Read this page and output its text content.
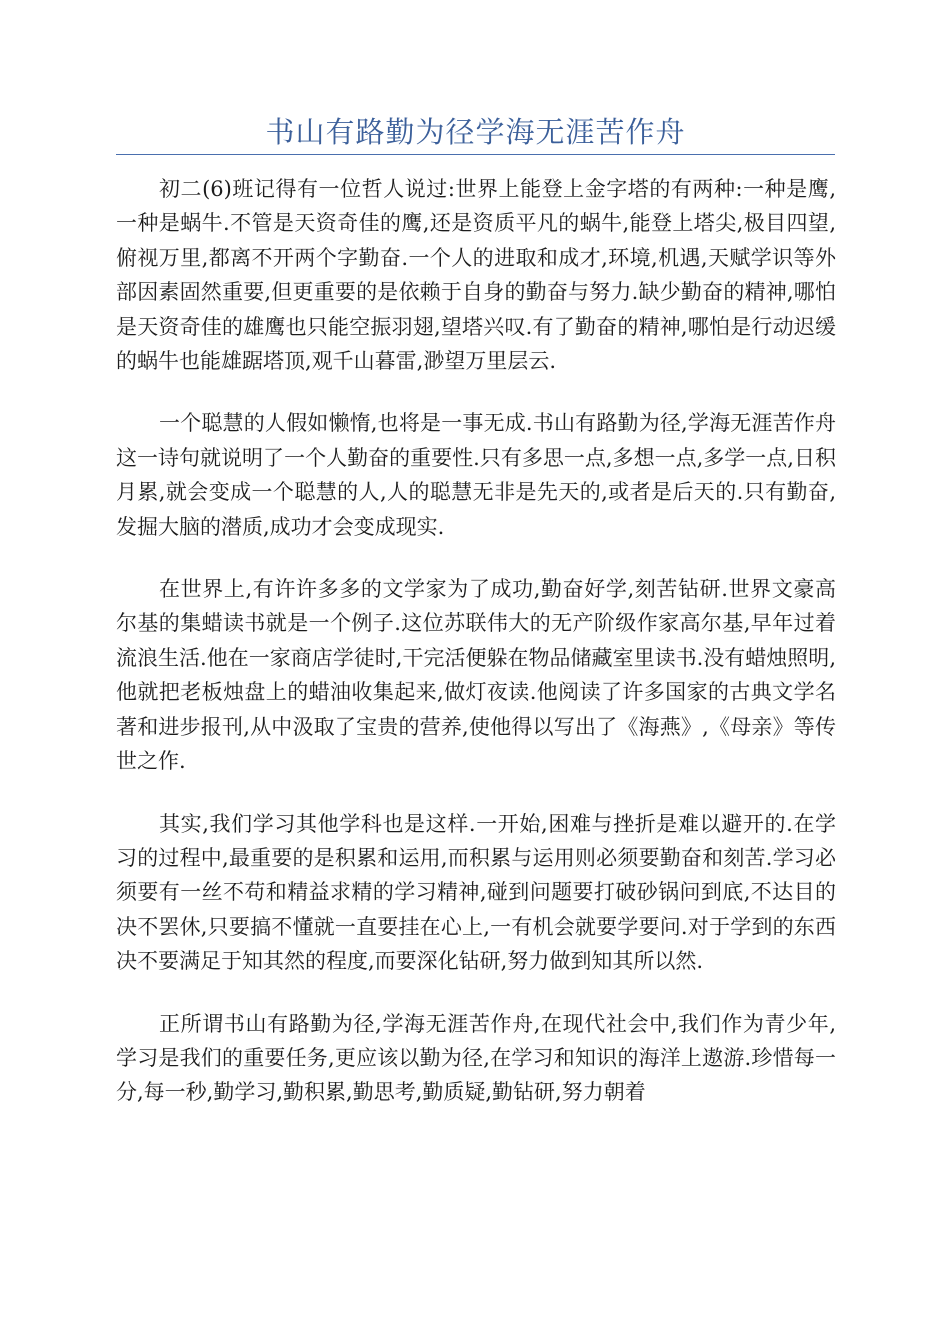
书山有路勤为径学海无涯苦作舟

初二(6)班记得有一位哲人说过:世界上能登上金字塔的有两种:一种是鹰,一种是蜗牛.不管是天资奇佳的鹰,还是资质平凡的蜗牛,能登上塔尖,极目四望,俯视万里,都离不开两个字勤奋.一个人的进取和成才,环境,机遇,天赋学识等外部因素固然重要,但更重要的是依赖于自身的勤奋与努力.缺少勤奋的精神,哪怕是天资奇佳的雄鹰也只能空振羽翅,望塔兴叹.有了勤奋的精神,哪怕是行动迟缓的蜗牛也能雄踞塔顶,观千山暮雷,渺望万里层云.

一个聪慧的人假如懒惰,也将是一事无成.书山有路勤为径,学海无涯苦作舟这一诗句就说明了一个人勤奋的重要性.只有多思一点,多想一点,多学一点,日积月累,就会变成一个聪慧的人,人的聪慧无非是先天的,或者是后天的.只有勤奋,发掘大脑的潜质,成功才会变成现实.

在世界上,有许许多多的文学家为了成功,勤奋好学,刻苦钻研.世界文豪高尔基的集蜡读书就是一个例子.这位苏联伟大的无产阶级作家高尔基,早年过着流浪生活.他在一家商店学徒时,干完活便躲在物品储藏室里读书.没有蜡烛照明,他就把老板烛盘上的蜡油收集起来,做灯夜读.他阅读了许多国家的古典文学名著和进步报刊,从中汲取了宝贵的营养,使他得以写出了《海燕》,《母亲》等传世之作.

其实,我们学习其他学科也是这样.一开始,困难与挫折是难以避开的.在学习的过程中,最重要的是积累和运用,而积累与运用则必须要勤奋和刻苦.学习必须要有一丝不苟和精益求精的学习精神,碰到问题要打破砂锅问到底,不达目的决不罢休,只要搞不懂就一直要挂在心上,一有机会就要学要问.对于学到的东西决不要满足于知其然的程度,而要深化钻研,努力做到知其所以然.

正所谓书山有路勤为径,学海无涯苦作舟,在现代社会中,我们作为青少年,学习是我们的重要任务,更应该以勤为径,在学习和知识的海洋上遨游.珍惜每一分,每一秒,勤学习,勤积累,勤思考,勤质疑,勤钻研,努力朝着
